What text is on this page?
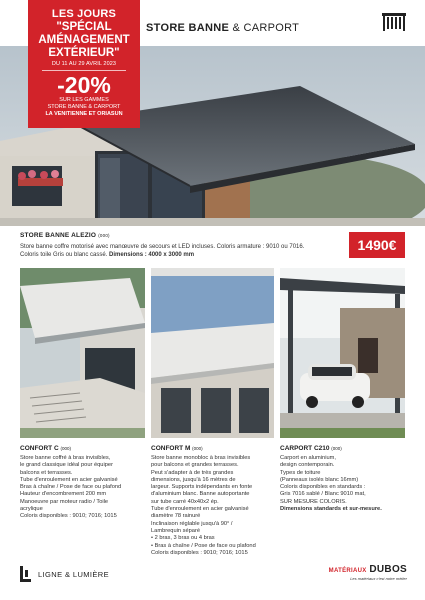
LES JOURS
"SPÉCIAL
AMÉNAGEMENT
EXTÉRIEUR"
DU 11 AU 29 AVRIL 2023
-20%
SUR LES GAMMES
STORE BANNE & CARPORT
LA VENITIENNE ET ORIASUN
STORE BANNE & CARPORT
STORE BANNE ALEZIO (000)
Store banne coffre motorisé avec manœuvre de secours et LED incluses. Coloris armature : 9010 ou 7016.
Coloris toile Gris ou blanc cassé. Dimensions : 4000 x 3000 mm
1490€
CONFORT C (000)
Store banne coffré à bras invisibles,
le grand classique idéal pour équiper
balcons et terrasses.
Tube d'enroulement en acier galvanisé
Bras à chaîne / Pose de face ou plafond
Hauteur d'encombrement 200 mm
Manoeuvre par moteur radio / Toile
acrylique
Coloris disponibles : 9010; 7016; 1015
CONFORT M (000)
Store banne monobloc à bras invisibles
pour balcons et grandes terrasses.
Peut s'adapter à de très grandes
dimensions, jusqu'à 16 mètres de
largeur. Supports indépendants en fonte
d'aluminium blanc. Banne autoportante
sur tube carré 40x40x2 ép.
Tube d'enroulement en acier galvanisé
diamètre 78 rainuré
Inclinaison réglable jusqu'à 90° /
Lambrequin séparé
• 2 bras, 3 bras ou 4 bras
• Bras à chaîne / Pose de face ou plafond
Coloris disponibles : 9010; 7016; 1015
CARPORT C210 (000)
Carport en aluminium,
design contemporain.
Types de toiture
(Panneaux isolés blanc 16mm)
Coloris disponibles en standards :
Gris 7016 sablé / Blanc 9010 mat,
SUR MESURE COLORIS.
Dimensions standards et sur-mesure.
LIGNE & LUMIÈRE	MATÉRIAUX DUBOS
Les matériaux c'est notre métier
